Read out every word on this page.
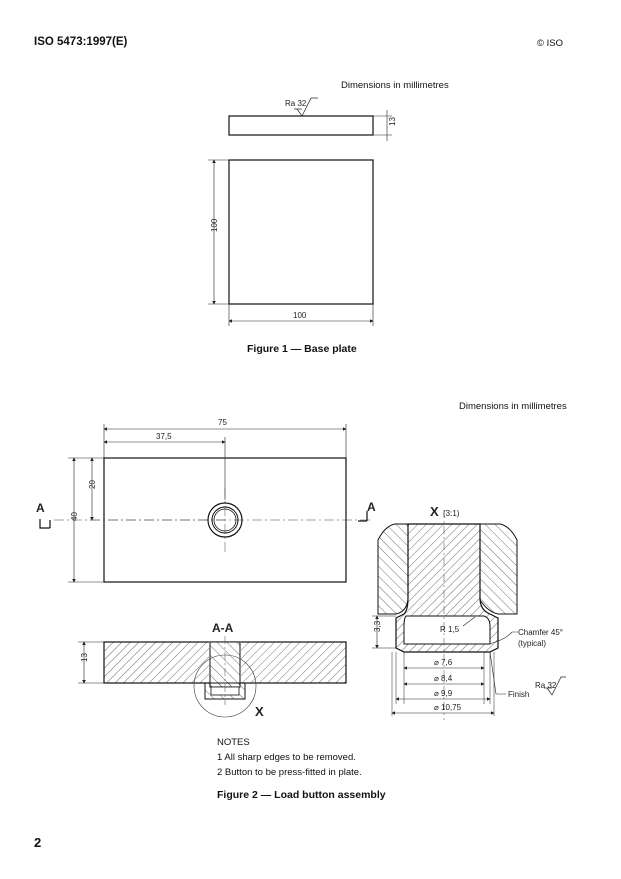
ISO 5473:1997(E)	© ISO
Dimensions in millimetres
13
Ra 32
100
100
75
37,5
40
20
A	A
A-A
X
13
X (3:1)
R 1,5
3,3
Chamfer 45°
(typical)
⌀ 7,6
⌀ 8,4
⌀ 9,9
⌀ 10,75
Finish
Ra 32
Figure 1 — Base plate
Dimensions in millimetres
NOTES
1 All sharp edges to be removed.
2 Button to be press-fitted in plate.
Figure 2 — Load button assembly
2
